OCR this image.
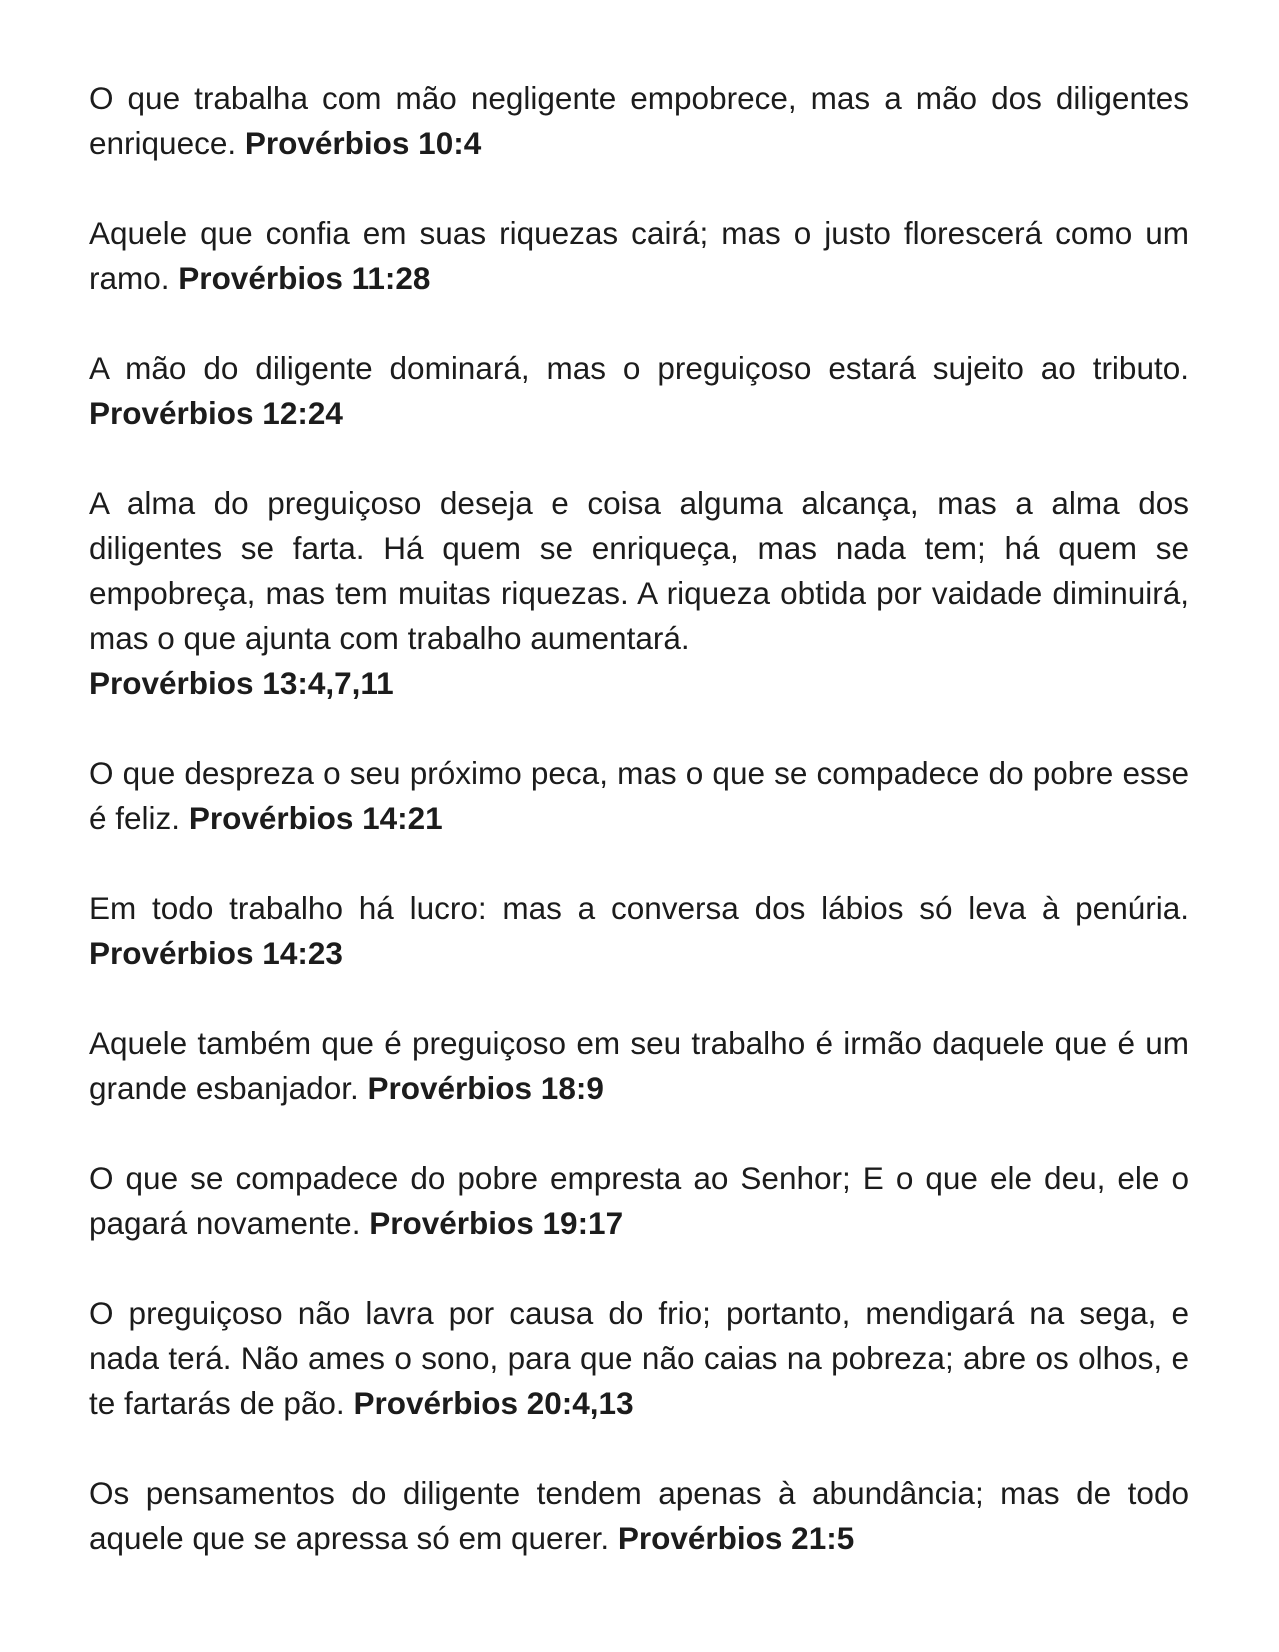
O que trabalha com mão negligente empobrece, mas a mão dos diligentes enriquece. Provérbios 10:4

Aquele que confia em suas riquezas cairá; mas o justo florescerá como um ramo. Provérbios 11:28

A mão do diligente dominará, mas o preguiçoso estará sujeito ao tributo. Provérbios 12:24

A alma do preguiçoso deseja e coisa alguma alcança, mas a alma dos diligentes se farta. Há quem se enriqueça, mas nada tem; há quem se empobreça, mas tem muitas riquezas. A riqueza obtida por vaidade diminuirá, mas o que ajunta com trabalho aumentará.
Provérbios 13:4,7,11

O que despreza o seu próximo peca, mas o que se compadece do pobre esse é feliz. Provérbios 14:21

Em todo trabalho há lucro: mas a conversa dos lábios só leva à penúria. Provérbios 14:23

Aquele também que é preguiçoso em seu trabalho é irmão daquele que é um grande esbanjador. Provérbios 18:9

O que se compadece do pobre empresta ao Senhor; E o que ele deu, ele o pagará novamente. Provérbios 19:17

O preguiçoso não lavra por causa do frio; portanto, mendigará na sega, e nada terá. Não ames o sono, para que não caias na pobreza; abre os olhos, e te fartarás de pão. Provérbios 20:4,13

Os pensamentos do diligente tendem apenas à abundância; mas de todo aquele que se apressa só em querer. Provérbios 21:5
